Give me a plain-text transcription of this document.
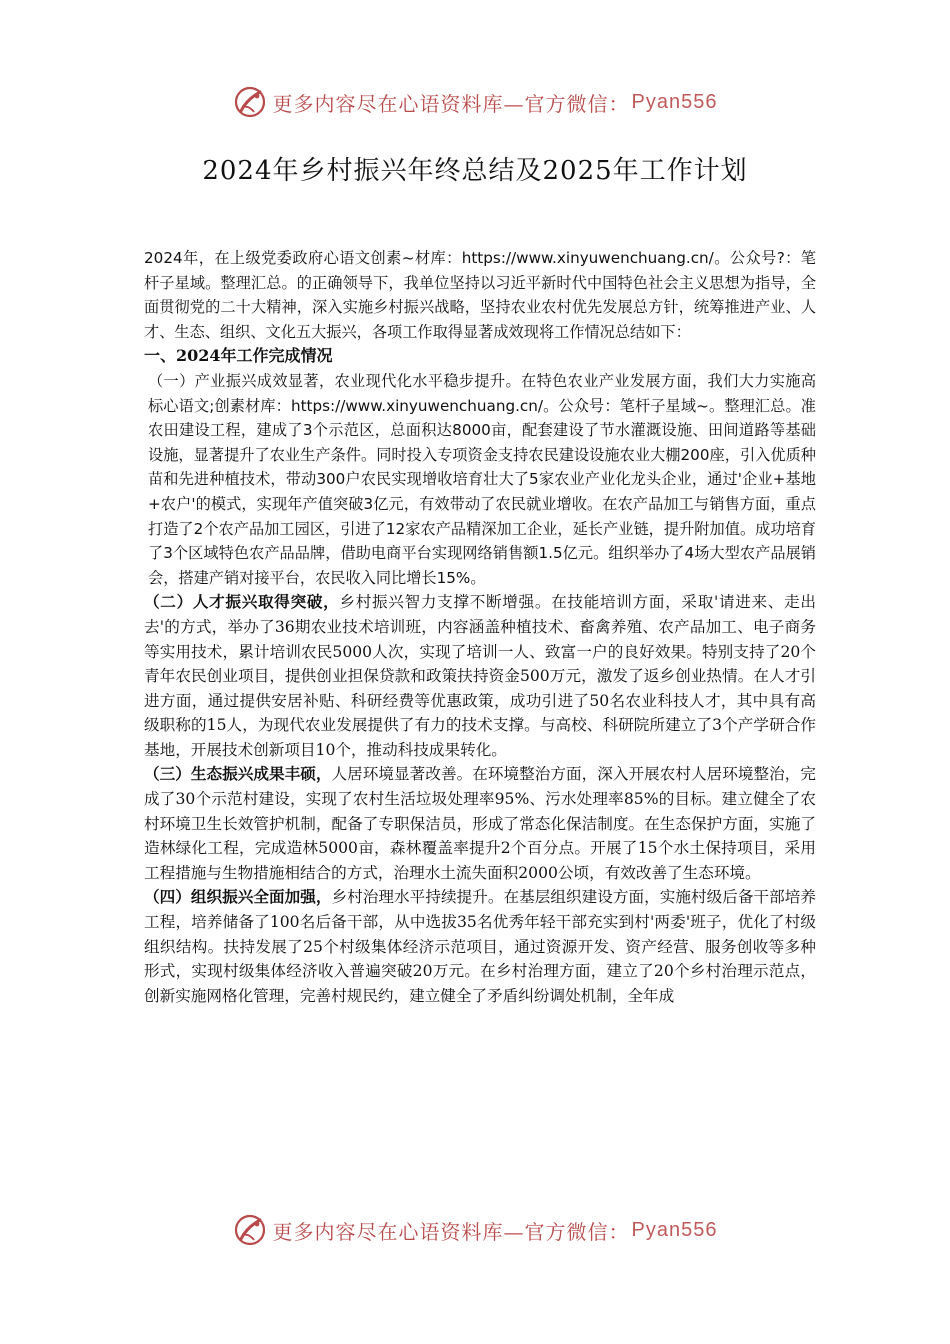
更多内容尽在心语资料库—官方微信： Pyan556
2024年乡村振兴年终总结及2025年工作计划

2024年，在上级党委政府心语文创素~材库：https://www.xinyuwenchuang.cn/。公众号?：笔杆子星域。整理汇总。的正确领导下，我单位坚持以习近平新时代中国特色社会主义思想为指导，全面贯彻党的二十大精神，深入实施乡村振兴战略，坚持农业农村优先发展总方针，统筹推进产业、人才、生态、组织、文化五大振兴，各项工作取得显著成效现将工作情况总结如下：

一、2024年工作完成情况

（一）产业振兴成效显著，农业现代化水平稳步提升。在特色农业产业发展方面，我们大力实施高标心语文;创素材库：https://www.xinyuwenchuang.cn/。公众号：笔杆子星域~。整理汇总。准农田建设工程，建成了3个示范区，总面积达8000亩，配套建设了节水灌溉设施、田间道路等基础设施，显著提升了农业生产条件。同时投入专项资金支持农民建设设施农业大棚200座，引入优质种苗和先进种植技术，带动300户农民实现增收培育壮大了5家农业产业化龙头企业，通过'企业+基地+农户'的模式，实现年产值突破3亿元，有效带动了农民就业增收。在农产品加工与销售方面，重点打造了2个农产品加工园区，引进了12家农产品精深加工企业，延长产业链，提升附加值。成功培育了3个区域特色农产品品牌，借助电商平台实现网络销售额1.5亿元。组织举办了4场大型农产品展销会，搭建产销对接平台，农民收入同比增长15%。

（二）人才振兴取得突破，乡村振兴智力支撑不断增强。在技能培训方面，采取'请进来、走出去'的方式，举办了36期农业技术培训班，内容涵盖种植技术、畜禽养殖、农产品加工、电子商务等实用技术，累计培训农民5000人次，实现了培训一人、致富一户的良好效果。特别支持了20个青年农民创业项目，提供创业担保贷款和政策扶持资金500万元，激发了返乡创业热情。在人才引进方面，通过提供安居补贴、科研经费等优惠政策，成功引进了50名农业科技人才，其中具有高级职称的15人，为现代农业发展提供了有力的技术支撑。与高校、科研院所建立了3个产学研合作基地，开展技术创新项目10个，推动科技成果转化。

（三）生态振兴成果丰硕，人居环境显著改善。在环境整治方面，深入开展农村人居环境整治，完成了30个示范村建设，实现了农村生活垃圾处理率95%、污水处理率85%的目标。建立健全了农村环境卫生长效管护机制，配备了专职保洁员，形成了常态化保洁制度。在生态保护方面，实施了造林绿化工程，完成造林5000亩，森林覆盖率提升2个百分点。开展了15个水土保持项目，采用工程措施与生物措施相结合的方式，治理水土流失面积2000公顷，有效改善了生态环境。

（四）组织振兴全面加强，乡村治理水平持续提升。在基层组织建设方面，实施村级后备干部培养工程，培养储备了100名后备干部，从中选拔35名优秀年轻干部充实到村'两委'班子，优化了村级组织结构。扶持发展了25个村级集体经济示范项目，通过资源开发、资产经营、服务创收等多种形式，实现村级集体经济收入普遍突破20万元。在乡村治理方面，建立了20个乡村治理示范点，创新实施网格化管理，完善村规民约，建立健全了矛盾纠纷调处机制，全年成

更多内容尽在心语资料库—官方微信： Pyan556
